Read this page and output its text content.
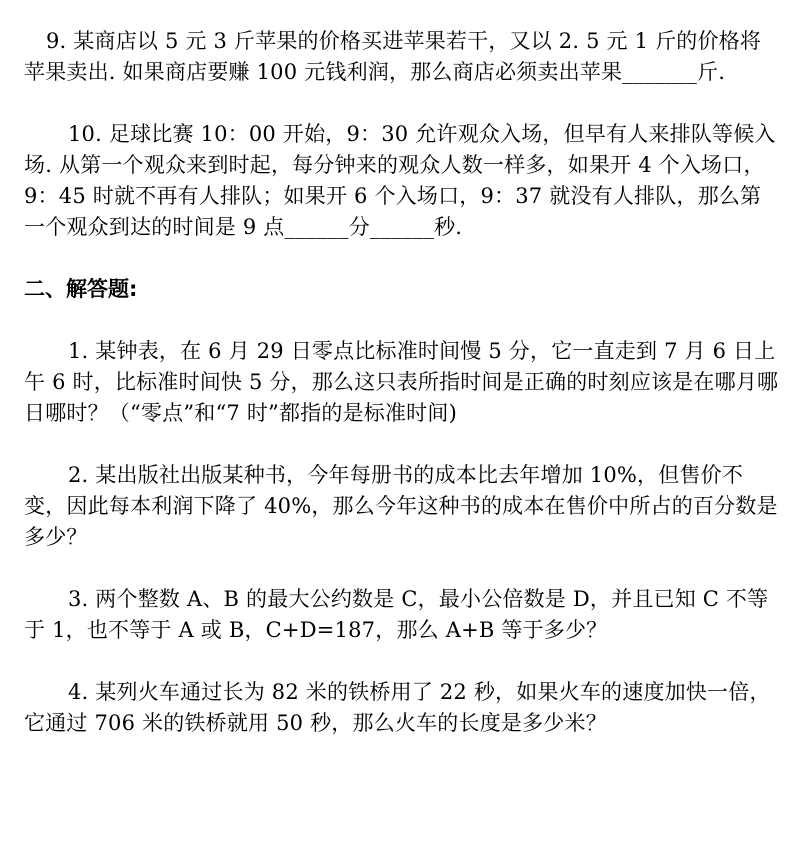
9. 某商店以 5 元 3 斤苹果的价格买进苹果若干，又以 2. 5 元 1 斤的价格将苹果卖出. 如果商店要赚 100 元钱利润，那么商店必须卖出苹果_______斤.

10. 足球比赛 10：00 开始，9：30 允许观众入场，但早有人来排队等候入场. 从第一个观众来到时起，每分钟来的观众人数一样多，如果开 4 个入场口，9：45 时就不再有人排队；如果开 6 个入场口，9：37 就没有人排队，那么第一个观众到达的时间是 9 点______分______秒.

二、解答题:

1. 某钟表，在 6 月 29 日零点比标准时间慢 5 分，它一直走到 7 月 6 日上午 6 时，比标准时间快 5 分，那么这只表所指时间是正确的时刻应该是在哪月哪日哪时？（“零点”和“7 时”都指的是标准时间)

2. 某出版社出版某种书，今年每册书的成本比去年增加 10%，但售价不变，因此每本利润下降了 40%，那么今年这种书的成本在售价中所占的百分数是多少？

3. 两个整数 A、B 的最大公约数是 C，最小公倍数是 D，并且已知 C 不等于 1，也不等于 A 或 B，C+D=187，那么 A+B 等于多少？

4. 某列火车通过长为 82 米的铁桥用了 22 秒，如果火车的速度加快一倍，它通过 706 米的铁桥就用 50 秒，那么火车的长度是多少米？
